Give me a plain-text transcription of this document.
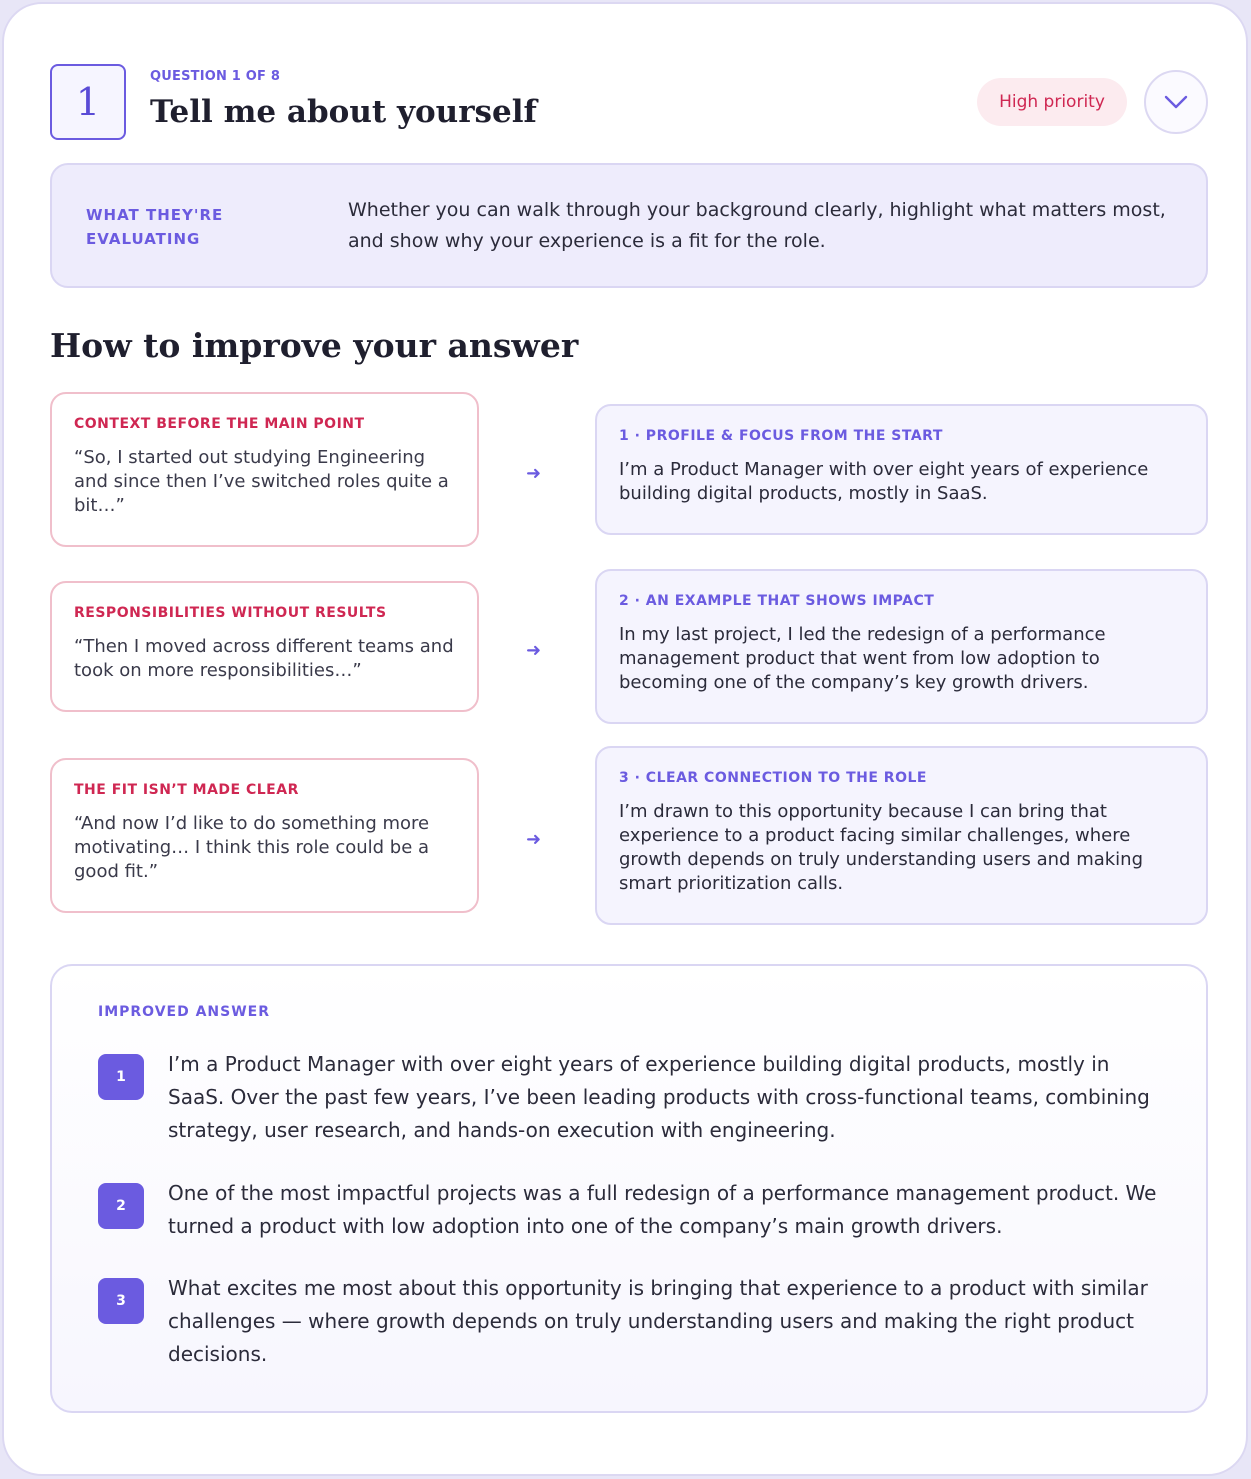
1
QUESTION 1 OF 8
Tell me about yourself	High priority
WHAT THEY'RE EVALUATING
Whether you can walk through your background clearly, highlight what matters most, and show why your experience is a fit for the role.
How to improve your answer
CONTEXT BEFORE THE MAIN POINT
“So, I started out studying Engineering and since then I’ve switched roles quite a bit…”
➜
1 · PROFILE & FOCUS FROM THE START
I’m a Product Manager with over eight years of experience building digital products, mostly in SaaS.
RESPONSIBILITIES WITHOUT RESULTS
“Then I moved across different teams and took on more responsibilities…”
➜
2 · AN EXAMPLE THAT SHOWS IMPACT
In my last project, I led the redesign of a performance management product that went from low adoption to becoming one of the company’s key growth drivers.
THE FIT ISN’T MADE CLEAR
“And now I’d like to do something more motivating… I think this role could be a good fit.”
➜
3 · CLEAR CONNECTION TO THE ROLE
I’m drawn to this opportunity because I can bring that experience to a product facing similar challenges, where growth depends on truly understanding users and making smart prioritization calls.
IMPROVED ANSWER
1
I’m a Product Manager with over eight years of experience building digital products, mostly in SaaS. Over the past few years, I’ve been leading products with cross-functional teams, combining strategy, user research, and hands-on execution with engineering.
2
One of the most impactful projects was a full redesign of a performance management product. We turned a product with low adoption into one of the company’s main growth drivers.
3
What excites me most about this opportunity is bringing that experience to a product with similar challenges — where growth depends on truly understanding users and making the right product decisions.
